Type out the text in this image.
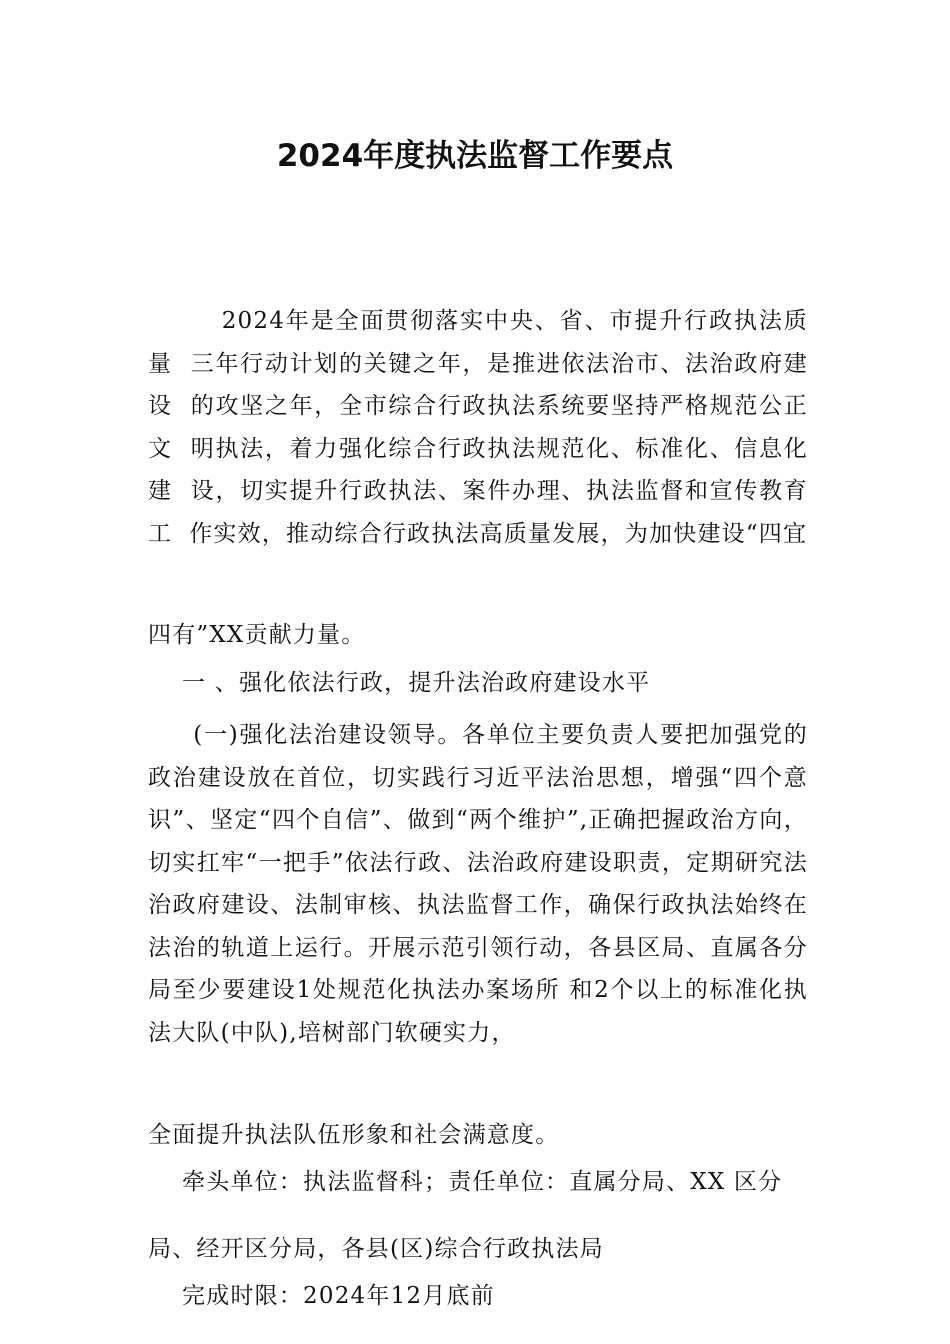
2024年度执法监督工作要点

2024年是全面贯彻落实中央、省、市提升行政执法质量  三年行动计划的关键之年，是推进依法治市、法治政府建设  的攻坚之年，全市综合行政执法系统要坚持严格规范公正文  明执法，着力强化综合行政执法规范化、标准化、信息化建  设，切实提升行政执法、案件办理、执法监督和宣传教育工  作实效，推动综合行政执法高质量发展，为加快建设“四宜

四有”XX贡献力量。

一 、强化依法行政，提升法治政府建设水平

(一)强化法治建设领导。各单位主要负责人要把加强党的政治建设放在首位，切实践行习近平法治思想，增强“四个意识”、坚定“四个自信”、做到“两个维护”,正确把握政治方向，切实扛牢“一把手”依法行政、法治政府建设职责，定期研究法治政府建设、法制审核、执法监督工作，确保行政执法始终在法治的轨道上运行。开展示范引领行动，各县区局、直属各分局至少要建设1处规范化执法办案场所 和2个以上的标准化执法大队(中队),培树部门软硬实力，

全面提升执法队伍形象和社会满意度。

牵头单位：执法监督科；责任单位：直属分局、XX 区分

局、经开区分局，各县(区)综合行政执法局

完成时限：2024年12月底前
